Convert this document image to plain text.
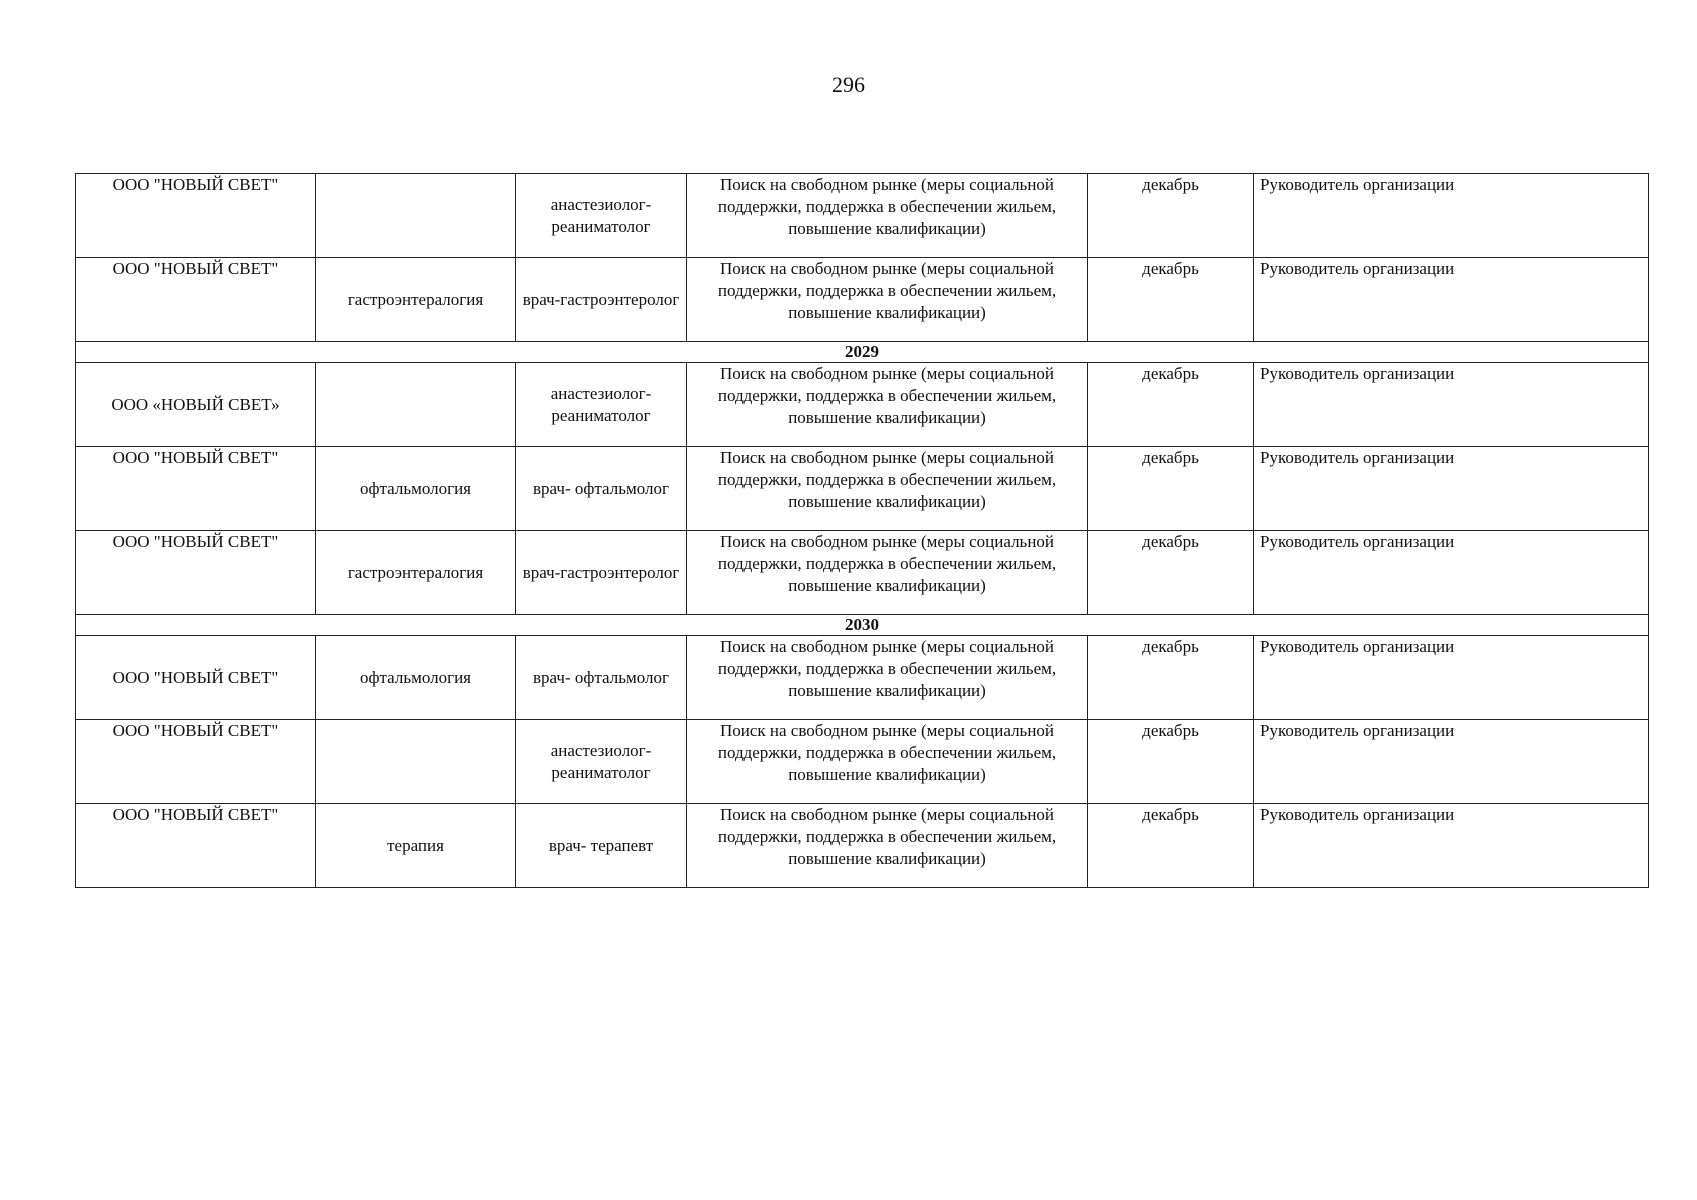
296
ООО "НОВЫЙ СВЕТ"		анастезиолог-реаниматолог	Поиск на свободном рынке (меры социальной поддержки, поддержка в обеспечении жильем, повышение квалификации)	декабрь	Руководитель организации
ООО "НОВЫЙ СВЕТ"	гастроэнтералогия	врач-гастроэнтеролог	Поиск на свободном рынке (меры социальной поддержки, поддержка в обеспечении жильем, повышение квалификации)	декабрь	Руководитель организации
2029					
ООО «НОВЫЙ СВЕТ»		анастезиолог-реаниматолог	Поиск на свободном рынке (меры социальной поддержки, поддержка в обеспечении жильем, повышение квалификации)	декабрь	Руководитель организации
ООО "НОВЫЙ СВЕТ"	офтальмология	врач- офтальмолог	Поиск на свободном рынке (меры социальной поддержки, поддержка в обеспечении жильем, повышение квалификации)	декабрь	Руководитель организации
ООО "НОВЫЙ СВЕТ"	гастроэнтералогия	врач-гастроэнтеролог	Поиск на свободном рынке (меры социальной поддержки, поддержка в обеспечении жильем, повышение квалификации)	декабрь	Руководитель организации
2030					
ООО "НОВЫЙ СВЕТ"	офтальмология	врач- офтальмолог	Поиск на свободном рынке (меры социальной поддержки, поддержка в обеспечении жильем, повышение квалификации)	декабрь	Руководитель организации
ООО "НОВЫЙ СВЕТ"		анастезиолог-реаниматолог	Поиск на свободном рынке (меры социальной поддержки, поддержка в обеспечении жильем, повышение квалификации)	декабрь	Руководитель организации
ООО "НОВЫЙ СВЕТ"	терапия	врач- терапевт	Поиск на свободном рынке (меры социальной поддержки, поддержка в обеспечении жильем, повышение квалификации)	декабрь	Руководитель организации
